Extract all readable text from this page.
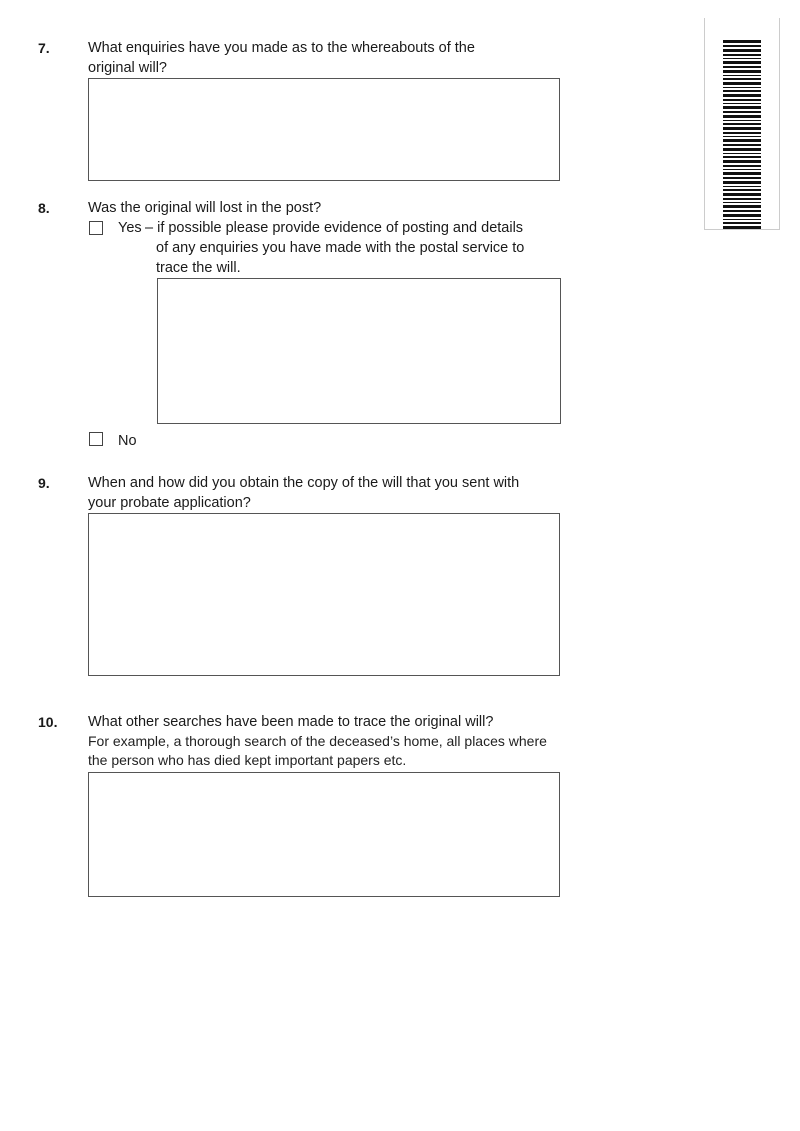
7.	What enquiries have you made as to the whereabouts of the
original will?
8.	Was the original will lost in the post?
Yes – if possible please provide evidence of posting and details
of any enquiries you have made with the postal service to
trace the will.
No
9.	When and how did you obtain the copy of the will that you sent with
your probate application?
10. What other searches have been made to trace the original will?
For example, a thorough search of the deceased’s home, all places where
the person who has died kept important papers etc.
